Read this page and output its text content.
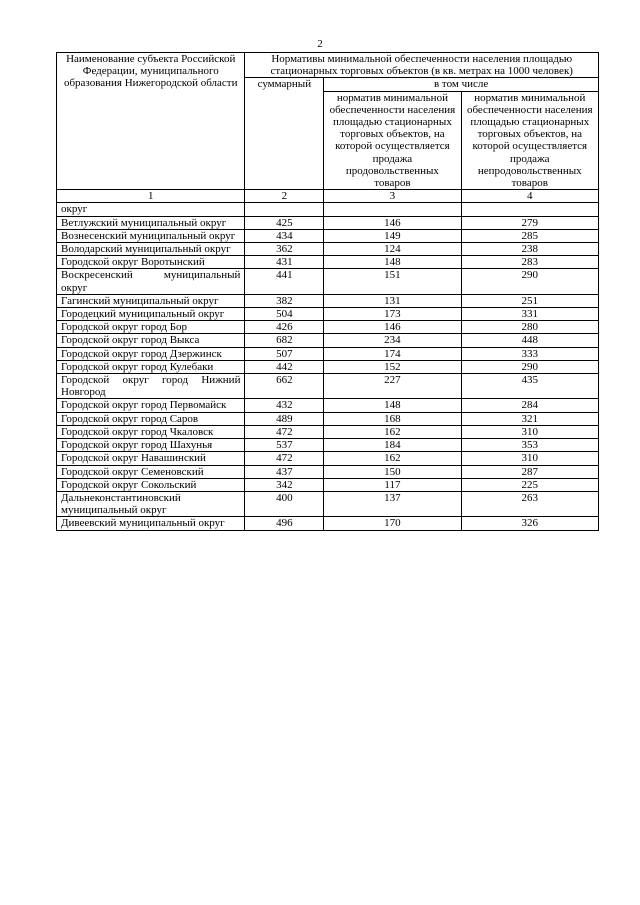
2
Наименование субъекта Российской Федерации, муниципального образования Нижегородской области	Нормативы минимальной обеспеченности населения площадью стационарных торговых объектов (в кв. метрах на 1000 человек)		
	суммарный	в том числе	
		норматив минимальной обеспеченности населения площадью стационарных торговых объектов, на которой осуществляется продажа продовольственных товаров	норматив минимальной обеспеченности населения площадью стационарных торговых объектов, на которой осуществляется продажа непродовольственных товаров
1	2	3	4
округ			
Ветлужский муниципальный округ	425	146	279
Вознесенский муниципальный округ	434	149	285
Володарский муниципальный округ	362	124	238
Городской округ Воротынский	431	148	283
Воскресенский муниципальный округ	441	151	290
Гагинский муниципальный округ	382	131	251
Городецкий муниципальный округ	504	173	331
Городской округ город Бор	426	146	280
Городской округ город Выкса	682	234	448
Городской округ город Дзержинск	507	174	333
Городской округ город Кулебаки	442	152	290
Городской округ город Нижний Новгород	662	227	435
Городской округ город Первомайск	432	148	284
Городской округ город Саров	489	168	321
Городской округ город Чкаловск	472	162	310
Городской округ город Шахунья	537	184	353
Городской округ Навашинский	472	162	310
Городской округ Семеновский	437	150	287
Городской округ Сокольский	342	117	225
Дальнеконстантиновский муниципальный округ	400	137	263
Дивеевский муниципальный округ	496	170	326
